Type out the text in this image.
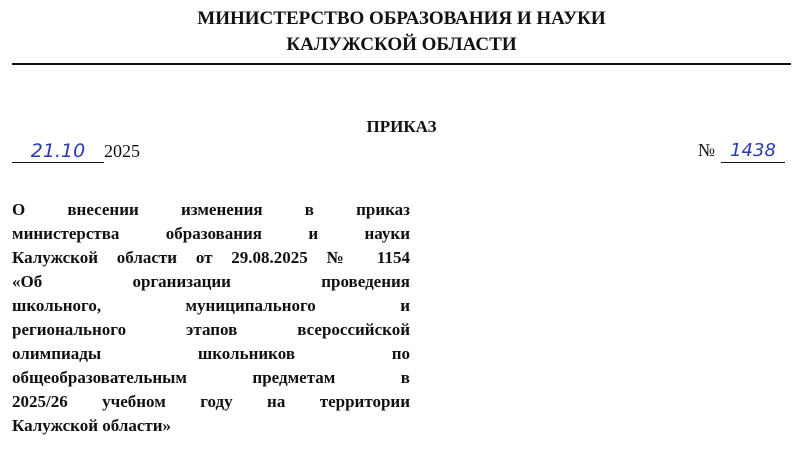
МИНИСТЕРСТВО ОБРАЗОВАНИЯ И НАУКИ
КАЛУЖСКОЙ ОБЛАСТИ
ПРИКАЗ
21.10 2025	№ 1438
О внесении изменения в приказ
министерства образования и науки
Калужской области от 29.08.2025 № 1154
«Об организации проведения
школьного, муниципального и
регионального этапов всероссийской
олимпиады школьников по
общеобразовательным предметам в
2025/26 учебном году на территории
Калужской области»
